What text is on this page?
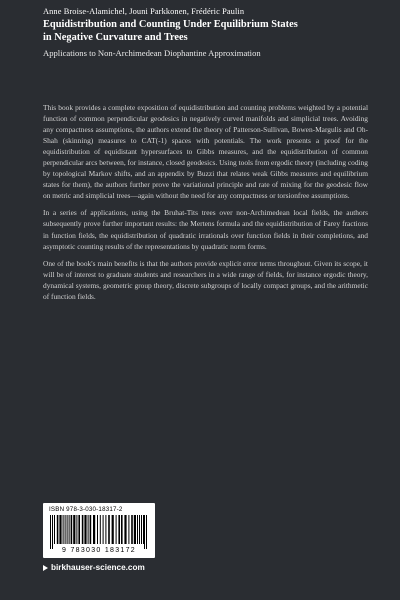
Anne Broise-Alamichel, Jouni Parkkonen, Frédéric Paulin
Equidistribution and Counting Under Equilibrium States
in Negative Curvature and Trees
Applications to Non-Archimedean Diophantine Approximation

This book provides a complete exposition of equidistribution and counting problems weighted by a potential function of common perpendicular geodesics in negatively curved manifolds and simplicial trees. Avoiding any compactness assumptions, the authors extend the theory of Patterson-Sullivan, Bowen-Margulis and Oh-Shah (skinning) measures to CAT(-1) spaces with potentials. The work presents a proof for the equidistribution of equidistant hypersurfaces to Gibbs measures, and the equidistribution of common perpendicular arcs between, for instance, closed geodesics. Using tools from ergodic theory (including coding by topological Markov shifts, and an appendix by Buzzi that relates weak Gibbs measures and equilibrium states for them), the authors further prove the variational principle and rate of mixing for the geodesic flow on metric and simplicial trees—again without the need for any compactness or torsionfree assumptions.

In a series of applications, using the Bruhat-Tits trees over non-Archimedean local fields, the authors subsequently prove further important results: the Mertens formula and the equidistribution of Farey fractions in function fields, the equidistribution of quadratic irrationals over function fields in their completions, and asymptotic counting results of the representations by quadratic norm forms.

One of the book's main benefits is that the authors provide explicit error terms throughout. Given its scope, it will be of interest to graduate students and researchers in a wide range of fields, for instance ergodic theory, dynamical systems, geometric group theory, discrete subgroups of locally compact groups, and the arithmetic of function fields.

ISBN 978-3-030-18317-2
9 783030 183172
birkhauser-science.com
